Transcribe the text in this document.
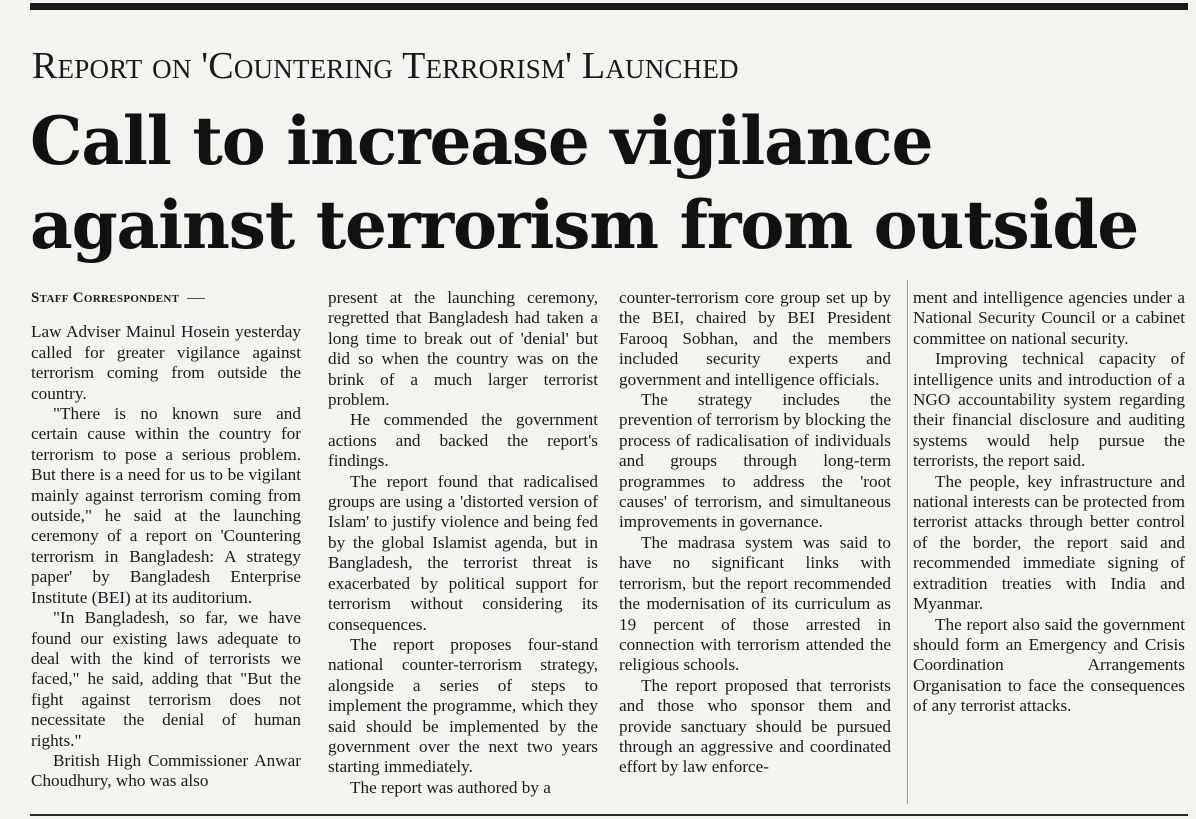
Report on 'Countering Terrorism' Launched
Call to increase vigilance against terrorism from outside
Staff Correspondent

Law Adviser Mainul Hosein yesterday called for greater vigilance against terrorism coming from outside the country.

"There is no known sure and certain cause within the country for terrorism to pose a serious problem. But there is a need for us to be vigilant mainly against terrorism coming from outside," he said at the launching ceremony of a report on 'Countering terrorism in Bangladesh: A strategy paper' by Bangladesh Enterprise Institute (BEI) at its auditorium.

"In Bangladesh, so far, we have found our existing laws adequate to deal with the kind of terrorists we faced," he said, adding that "But the fight against terrorism does not necessitate the denial of human rights."

British High Commissioner Anwar Choudhury, who was also

present at the launching ceremony, regretted that Bangladesh had taken a long time to break out of 'denial' but did so when the country was on the brink of a much larger terrorist problem.

He commended the government actions and backed the report's findings.

The report found that radicalised groups are using a 'distorted version of Islam' to justify violence and being fed by the global Islamist agenda, but in Bangladesh, the terrorist threat is exacerbated by political support for terrorism without considering its consequences.

The report proposes four-stand national counter-terrorism strategy, alongside a series of steps to implement the programme, which they said should be implemented by the government over the next two years starting immediately.

The report was authored by a

counter-terrorism core group set up by the BEI, chaired by BEI President Farooq Sobhan, and the members included security experts and government and intelligence officials.

The strategy includes the prevention of terrorism by blocking the process of radicalisation of individuals and groups through long-term programmes to address the 'root causes' of terrorism, and simultaneous improvements in governance.

The madrasa system was said to have no significant links with terrorism, but the report recommended the modernisation of its curriculum as 19 percent of those arrested in connection with terrorism attended the religious schools.

The report proposed that terrorists and those who sponsor them and provide sanctuary should be pursued through an aggressive and coordinated effort by law enforce-

ment and intelligence agencies under a National Security Council or a cabinet committee on national security.

Improving technical capacity of intelligence units and introduction of a NGO accountability system regarding their financial disclosure and auditing systems would help pursue the terrorists, the report said.

The people, key infrastructure and national interests can be protected from terrorist attacks through better control of the border, the report said and recommended immediate signing of extradition treaties with India and Myanmar.

The report also said the government should form an Emergency and Crisis Coordination Arrangements Organisation to face the consequences of any terrorist attacks.
